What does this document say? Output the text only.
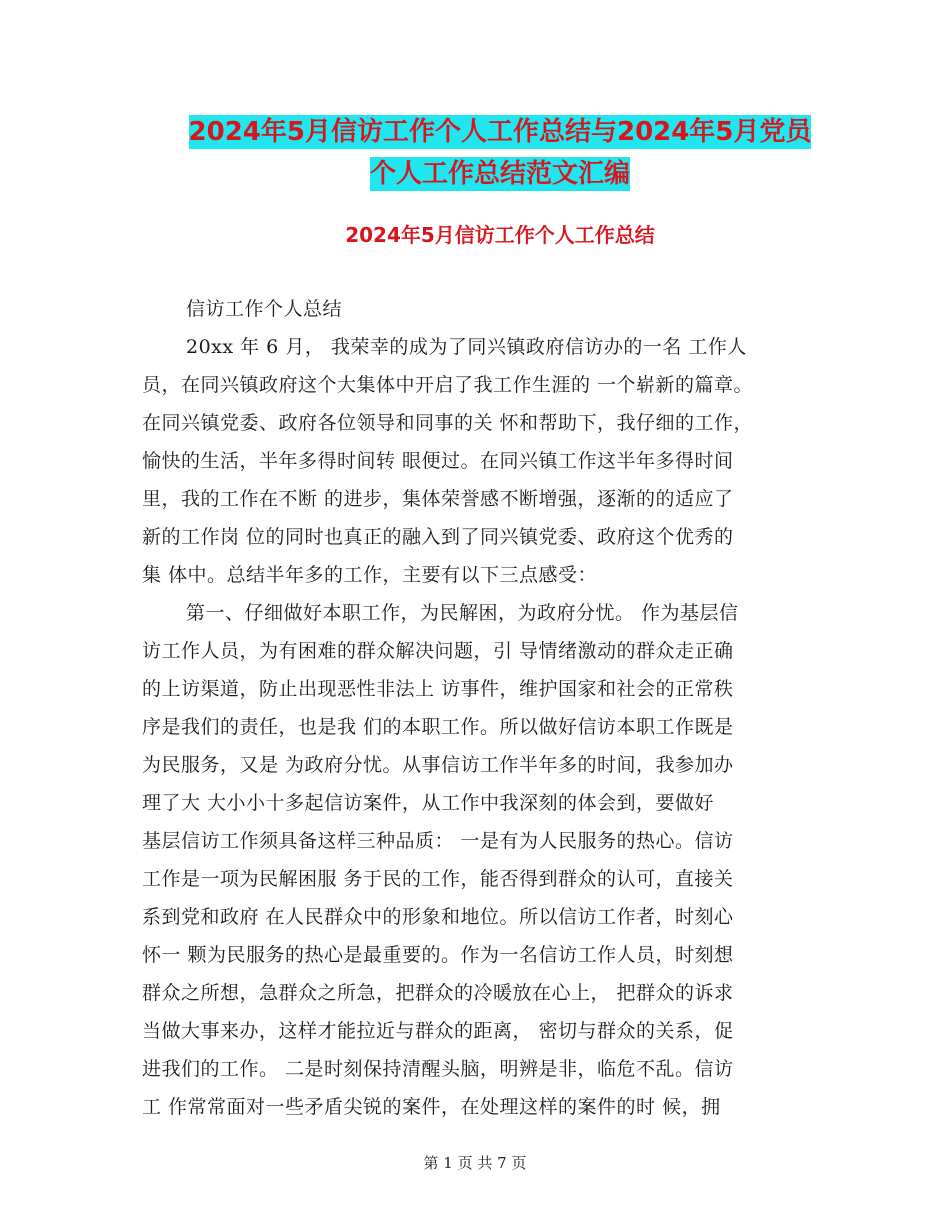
2024年5月信访工作个人工作总结与2024年5月党员
个人工作总结范文汇编
2024年5月信访工作个人工作总结
信访工作个人总结
20xx 年 6 月， 我荣幸的成为了同兴镇政府信访办的一名 工作人
员，在同兴镇政府这个大集体中开启了我工作生涯的 一个崭新的篇章。
在同兴镇党委、政府各位领导和同事的关 怀和帮助下，我仔细的工作，
愉快的生活，半年多得时间转 眼便过。在同兴镇工作这半年多得时间
里，我的工作在不断 的进步，集体荣誉感不断增强，逐渐的的适应了
新的工作岗 位的同时也真正的融入到了同兴镇党委、政府这个优秀的
集 体中。总结半年多的工作，主要有以下三点感受：
第一、仔细做好本职工作，为民解困，为政府分忧。 作为基层信
访工作人员，为有困难的群众解决问题，引 导情绪激动的群众走正确
的上访渠道，防止出现恶性非法上 访事件，维护国家和社会的正常秩
序是我们的责任，也是我 们的本职工作。所以做好信访本职工作既是
为民服务，又是 为政府分忧。从事信访工作半年多的时间，我参加办
理了大 大小小十多起信访案件，从工作中我深刻的体会到，要做好
基层信访工作须具备这样三种品质： 一是有为人民服务的热心。信访
工作是一项为民解困服 务于民的工作，能否得到群众的认可，直接关
系到党和政府 在人民群众中的形象和地位。所以信访工作者，时刻心
怀一 颗为民服务的热心是最重要的。作为一名信访工作人员，时刻想
群众之所想，急群众之所急，把群众的冷暖放在心上， 把群众的诉求
当做大事来办，这样才能拉近与群众的距离， 密切与群众的关系，促
进我们的工作。 二是时刻保持清醒头脑，明辨是非，临危不乱。信访
工 作常常面对一些矛盾尖锐的案件，在处理这样的案件的时 候，拥
第 1 页 共 7 页
